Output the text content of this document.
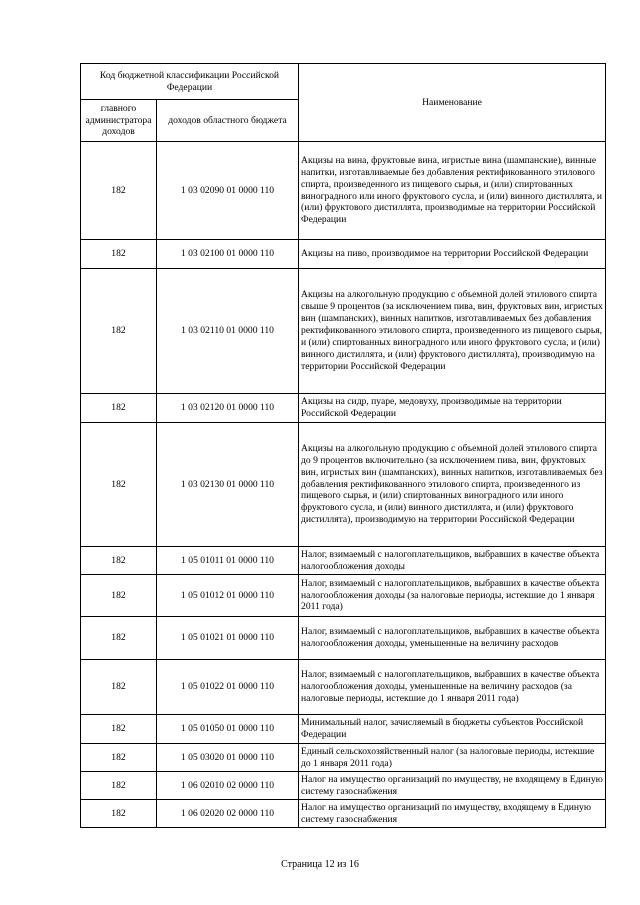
Код бюджетной классификации Российской Федерации		Наименование
главного администратора доходов	доходов областного бюджета	
182	1 03 02090 01 0000 110	Акцизы на вина, фруктовые вина, игристые вина (шампанские), винные напитки, изготавливаемые без добавления ректификованного этилового спирта, произведенного из пищевого сырья, и (или) спиртованных виноградного или иного фруктового сусла, и (или) винного дистиллята, и (или) фруктового дистиллята, производимые на территории Российской Федерации
182	1 03 02100 01 0000 110	Акцизы на пиво, производимое на территории Российской Федерации
182	1 03 02110 01 0000 110	Акцизы на алкогольную продукцию с объемной долей этилового спирта свыше 9 процентов (за исключением пива, вин, фруктовых вин, игристых вин (шампанских), винных напитков, изготавливаемых без добавления ректификованного этилового спирта, произведенного из пищевого сырья, и (или) спиртованных виноградного или иного фруктового сусла, и (или) винного дистиллята, и (или) фруктового дистиллята), производимую на территории Российской Федерации
182	1 03 02120 01 0000 110	Акцизы на сидр, пуаре, медовуху, производимые на территории Российской Федерации
182	1 03 02130 01 0000 110	Акцизы на алкогольную продукцию с объемной долей этилового спирта до 9 процентов включительно (за исключением пива, вин, фруктовых вин, игристых вин (шампанских), винных напитков, изготавливаемых без добавления ректификованного этилового спирта, произведенного из пищевого сырья, и (или) спиртованных виноградного или иного фруктового сусла, и (или) винного дистиллята, и (или) фруктового дистиллята), производимую на территории Российской Федерации
182	1 05 01011 01 0000 110	Налог, взимаемый с налогоплательщиков, выбравших в качестве объекта налогообложения доходы
182	1 05 01012 01 0000 110	Налог, взимаемый с налогоплательщиков, выбравших в качестве объекта налогообложения доходы (за налоговые периоды, истекшие до 1 января 2011 года)
182	1 05 01021 01 0000 110	Налог, взимаемый с налогоплательщиков, выбравших в качестве объекта налогообложения доходы, уменьшенные на величину расходов
182	1 05 01022 01 0000 110	Налог, взимаемый с налогоплательщиков, выбравших в качестве объекта налогообложения доходы, уменьшенные на величину расходов (за налоговые периоды, истекшие до 1 января 2011 года)
182	1 05 01050 01 0000 110	Минимальный налог, зачисляемый в бюджеты субъектов Российской Федерации
182	1 05 03020 01 0000 110	Единый сельскохозяйственный налог (за налоговые периоды, истекшие до 1 января 2011 года)
182	1 06 02010 02 0000 110	Налог на имущество организаций по имуществу, не входящему в Единую систему газоснабжения
182	1 06 02020 02 0000 110	Налог на имущество организаций по имуществу, входящему в Единую систему газоснабжения
Страница 12 из 16
